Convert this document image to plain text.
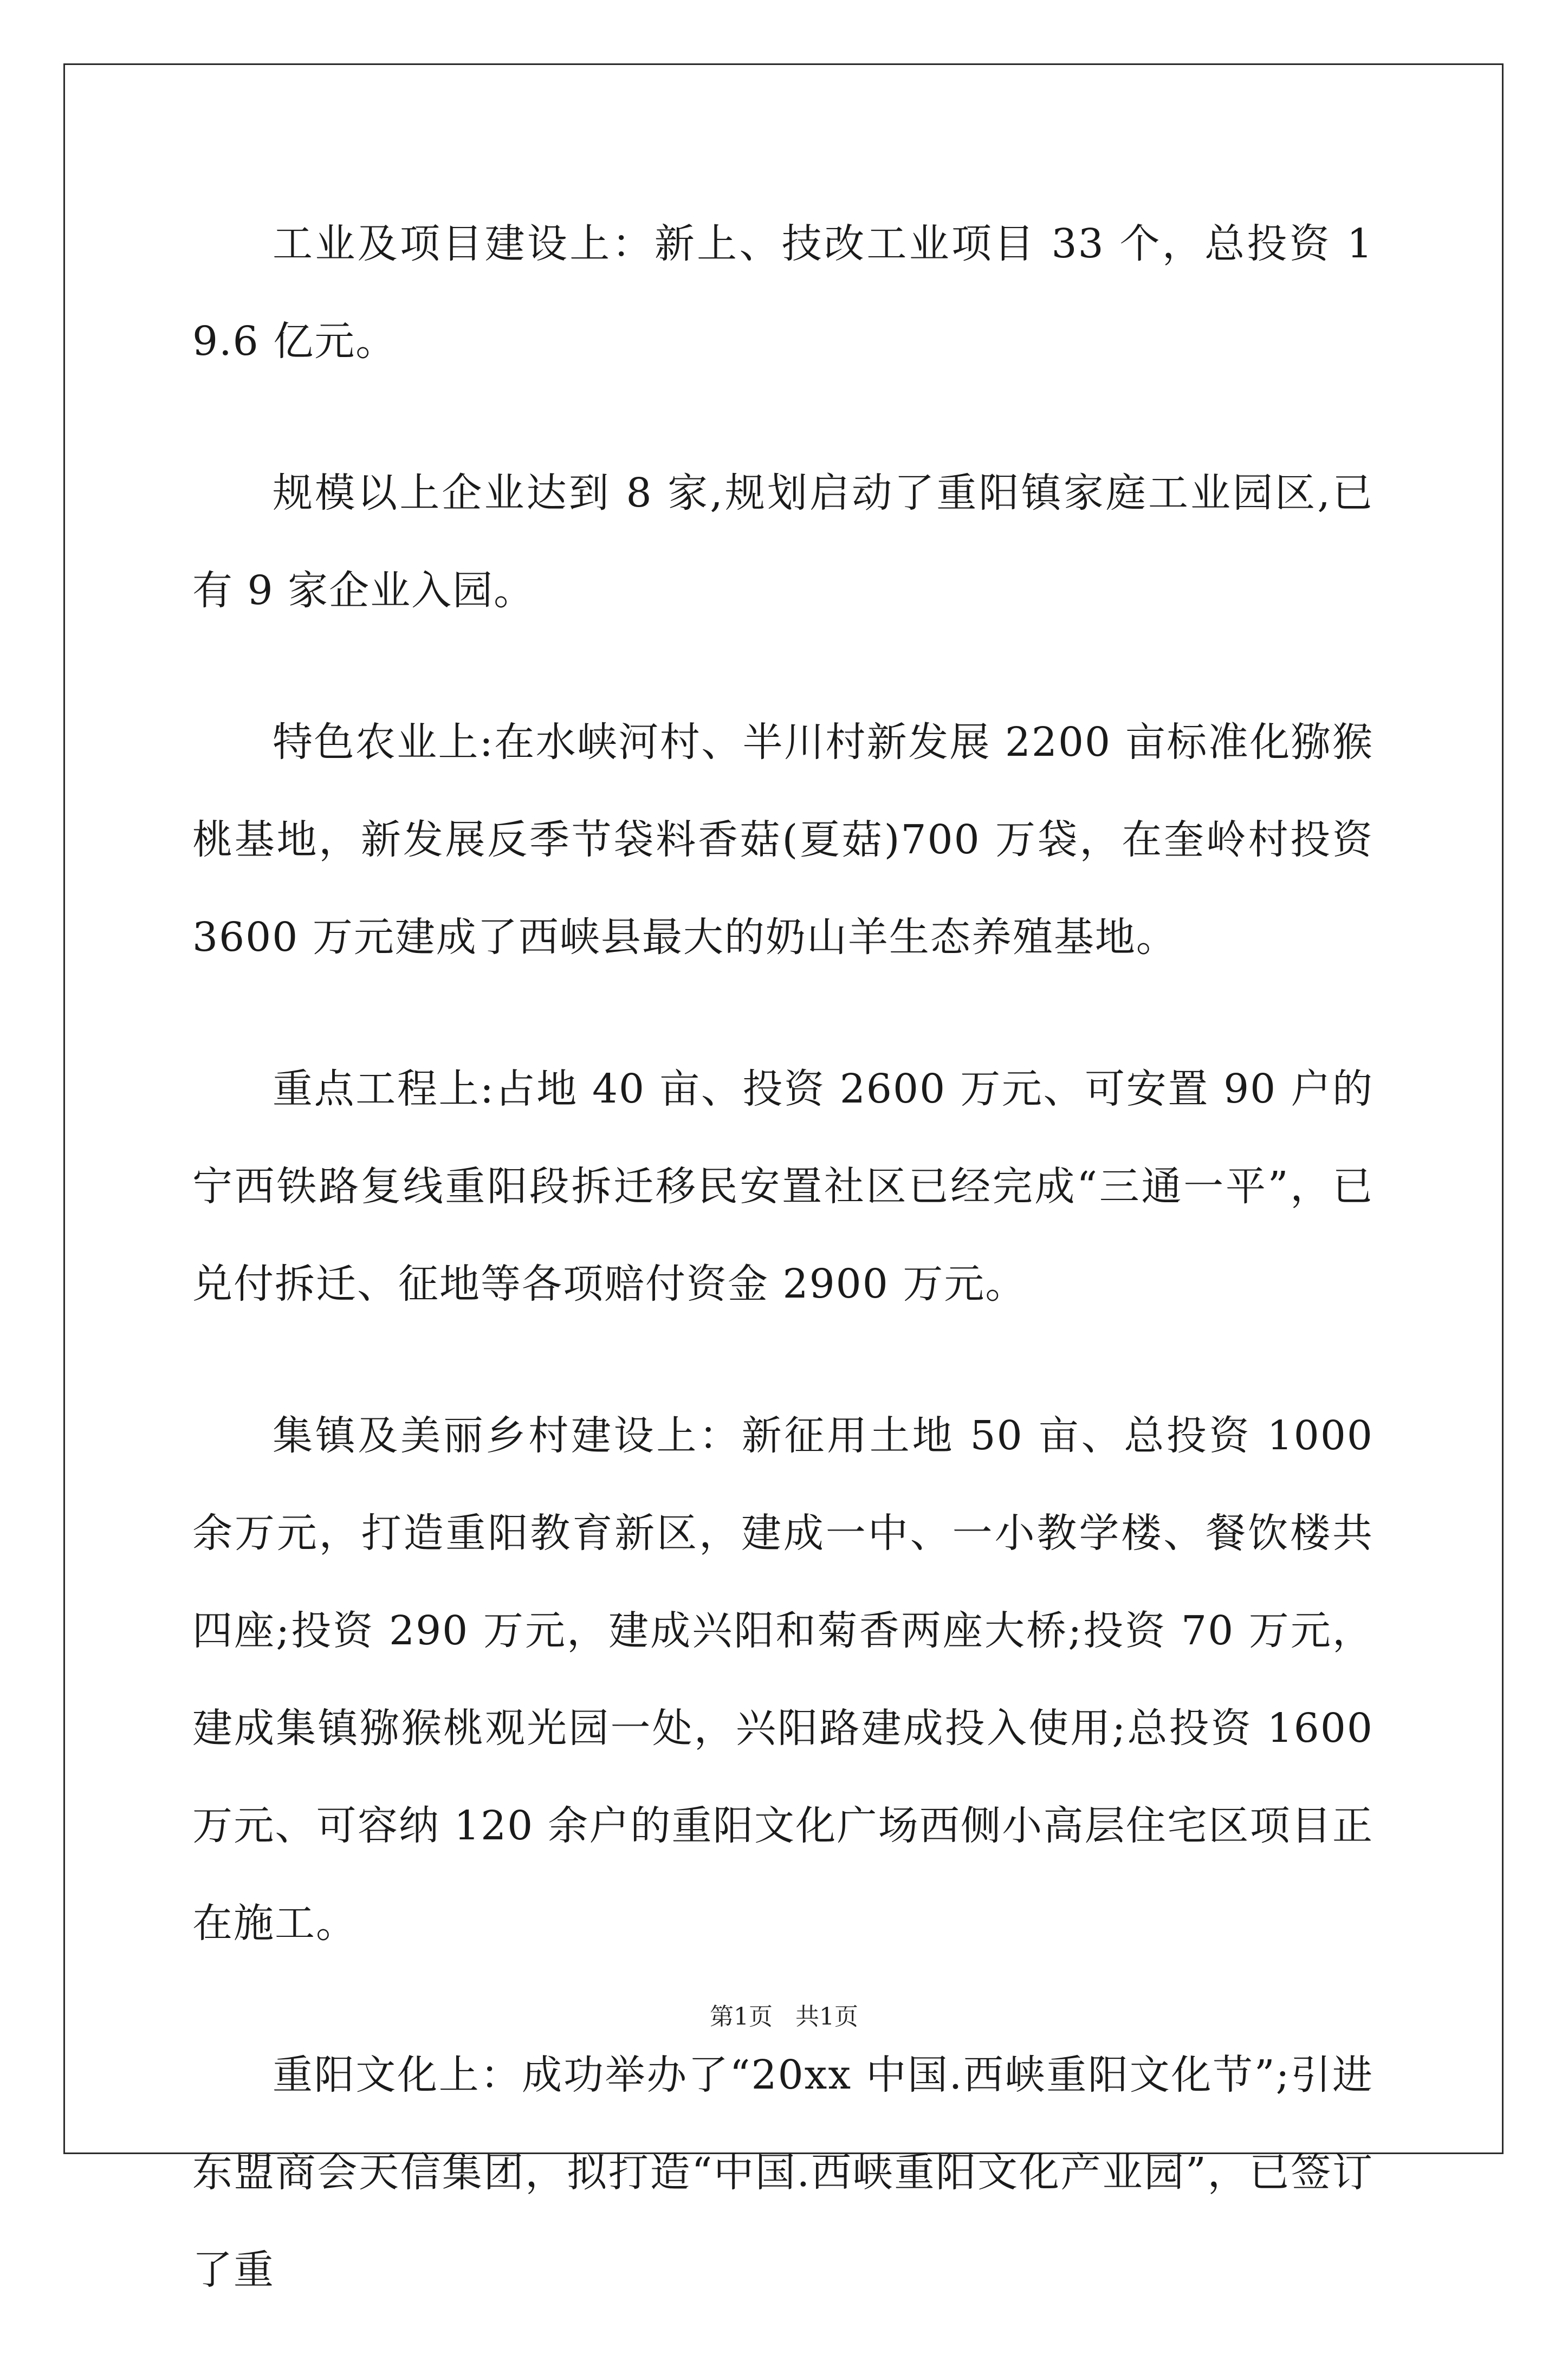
工业及项目建设上：新上、技改工业项目 33 个，总投资 19.6 亿元。

规模以上企业达到 8 家,规划启动了重阳镇家庭工业园区,已有 9 家企业入园。

特色农业上:在水峡河村、半川村新发展 2200 亩标准化猕猴桃基地，新发展反季节袋料香菇(夏菇)700 万袋，在奎岭村投资 3600 万元建成了西峡县最大的奶山羊生态养殖基地。

重点工程上:占地 40 亩、投资 2600 万元、可安置 90 户的宁西铁路复线重阳段拆迁移民安置社区已经完成“三通一平”，已兑付拆迁、征地等各项赔付资金 2900 万元。

集镇及美丽乡村建设上：新征用土地 50 亩、总投资 1000 余万元，打造重阳教育新区，建成一中、一小教学楼、餐饮楼共四座;投资 290 万元，建成兴阳和菊香两座大桥;投资 70 万元，建成集镇猕猴桃观光园一处，兴阳路建成投入使用;总投资 1600 万元、可容纳 120 余户的重阳文化广场西侧小高层住宅区项目正在施工。

重阳文化上：成功举办了“20xx 中国.西峡重阳文化节”;引进东盟商会天信集团，拟打造“中国.西峡重阳文化产业园”，已签订了重

第1页 共1页
